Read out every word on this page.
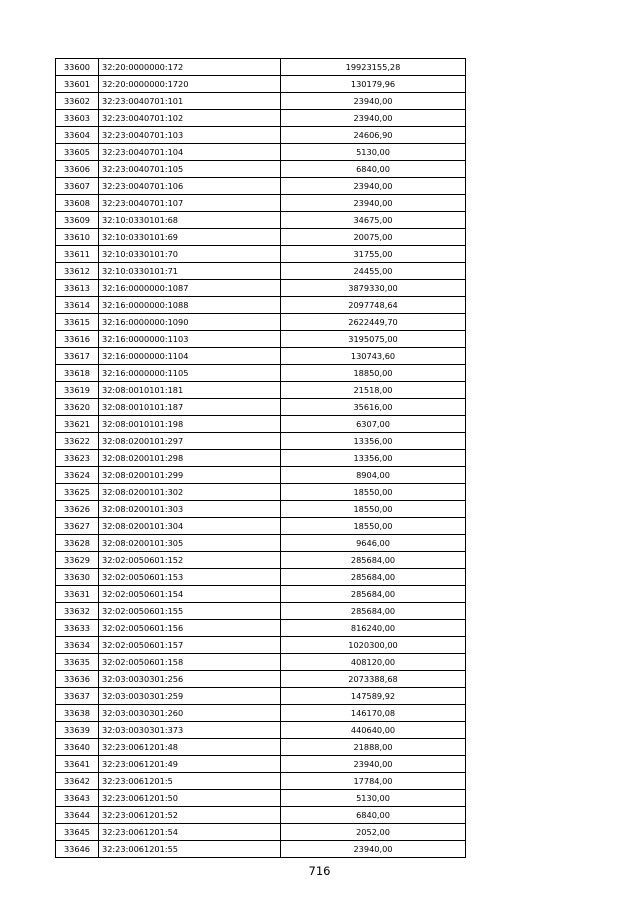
33600	32:20:0000000:172	19923155,28
33601	32:20:0000000:1720	130179,96
33602	32:23:0040701:101	23940,00
33603	32:23:0040701:102	23940,00
33604	32:23:0040701:103	24606,90
33605	32:23:0040701:104	5130,00
33606	32:23:0040701:105	6840,00
33607	32:23:0040701:106	23940,00
33608	32:23:0040701:107	23940,00
33609	32:10:0330101:68	34675,00
33610	32:10:0330101:69	20075,00
33611	32:10:0330101:70	31755,00
33612	32:10:0330101:71	24455,00
33613	32:16:0000000:1087	3879330,00
33614	32:16:0000000:1088	2097748,64
33615	32:16:0000000:1090	2622449,70
33616	32:16:0000000:1103	3195075,00
33617	32:16:0000000:1104	130743,60
33618	32:16:0000000:1105	18850,00
33619	32:08:0010101:181	21518,00
33620	32:08:0010101:187	35616,00
33621	32:08:0010101:198	6307,00
33622	32:08:0200101:297	13356,00
33623	32:08:0200101:298	13356,00
33624	32:08:0200101:299	8904,00
33625	32:08:0200101:302	18550,00
33626	32:08:0200101:303	18550,00
33627	32:08:0200101:304	18550,00
33628	32:08:0200101:305	9646,00
33629	32:02:0050601:152	285684,00
33630	32:02:0050601:153	285684,00
33631	32:02:0050601:154	285684,00
33632	32:02:0050601:155	285684,00
33633	32:02:0050601:156	816240,00
33634	32:02:0050601:157	1020300,00
33635	32:02:0050601:158	408120,00
33636	32:03:0030301:256	2073388,68
33637	32:03:0030301:259	147589,92
33638	32:03:0030301:260	146170,08
33639	32:03:0030301:373	440640,00
33640	32:23:0061201:48	21888,00
33641	32:23:0061201:49	23940,00
33642	32:23:0061201:5	17784,00
33643	32:23:0061201:50	5130,00
33644	32:23:0061201:52	6840,00
33645	32:23:0061201:54	2052,00
33646	32:23:0061201:55	23940,00
716
